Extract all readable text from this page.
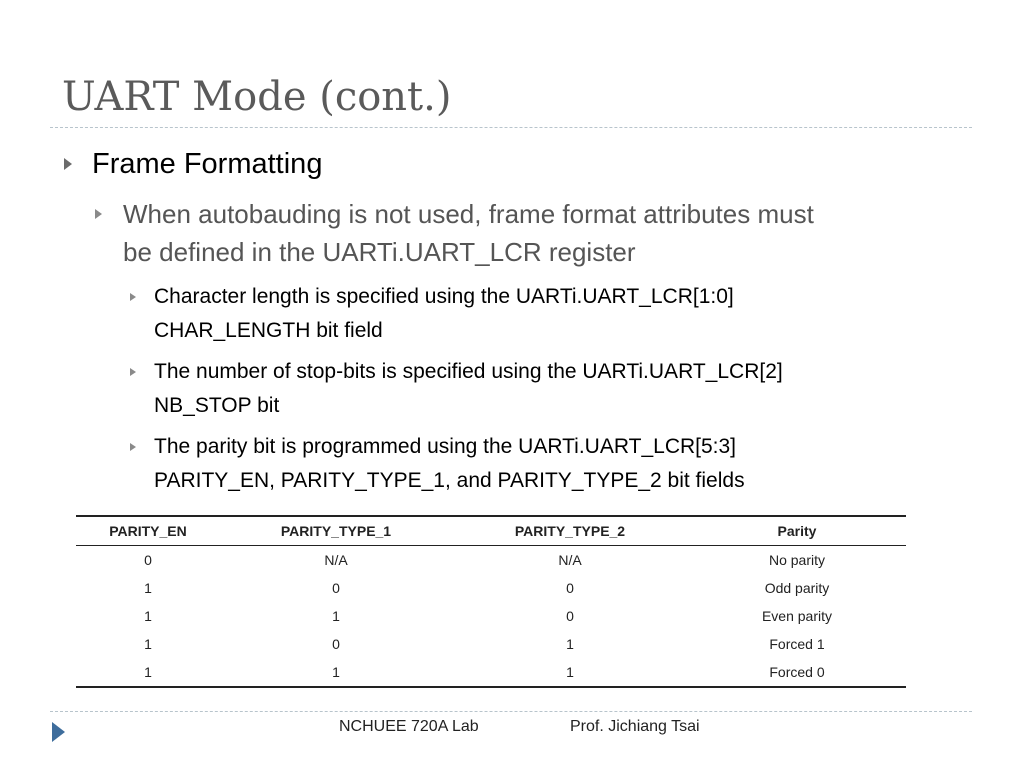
UART Mode (cont.)
Frame Formatting
When autobauding is not used, frame format attributes must
be defined in the UARTi.UART_LCR register
Character length is specified using the UARTi.UART_LCR[1:0]
CHAR_LENGTH bit field
The number of stop-bits is specified using the UARTi.UART_LCR[2]
NB_STOP bit
The parity bit is programmed using the UARTi.UART_LCR[5:3]
PARITY_EN, PARITY_TYPE_1, and PARITY_TYPE_2 bit fields
PARITY_EN	PARITY_TYPE_1	PARITY_TYPE_2	Parity
0	N/A	N/A	No parity
1	0	0	Odd parity
1	1	0	Even parity
1	0	1	Forced 1
1	1	1	Forced 0
NCHUEE 720A Lab	Prof. Jichiang Tsai
